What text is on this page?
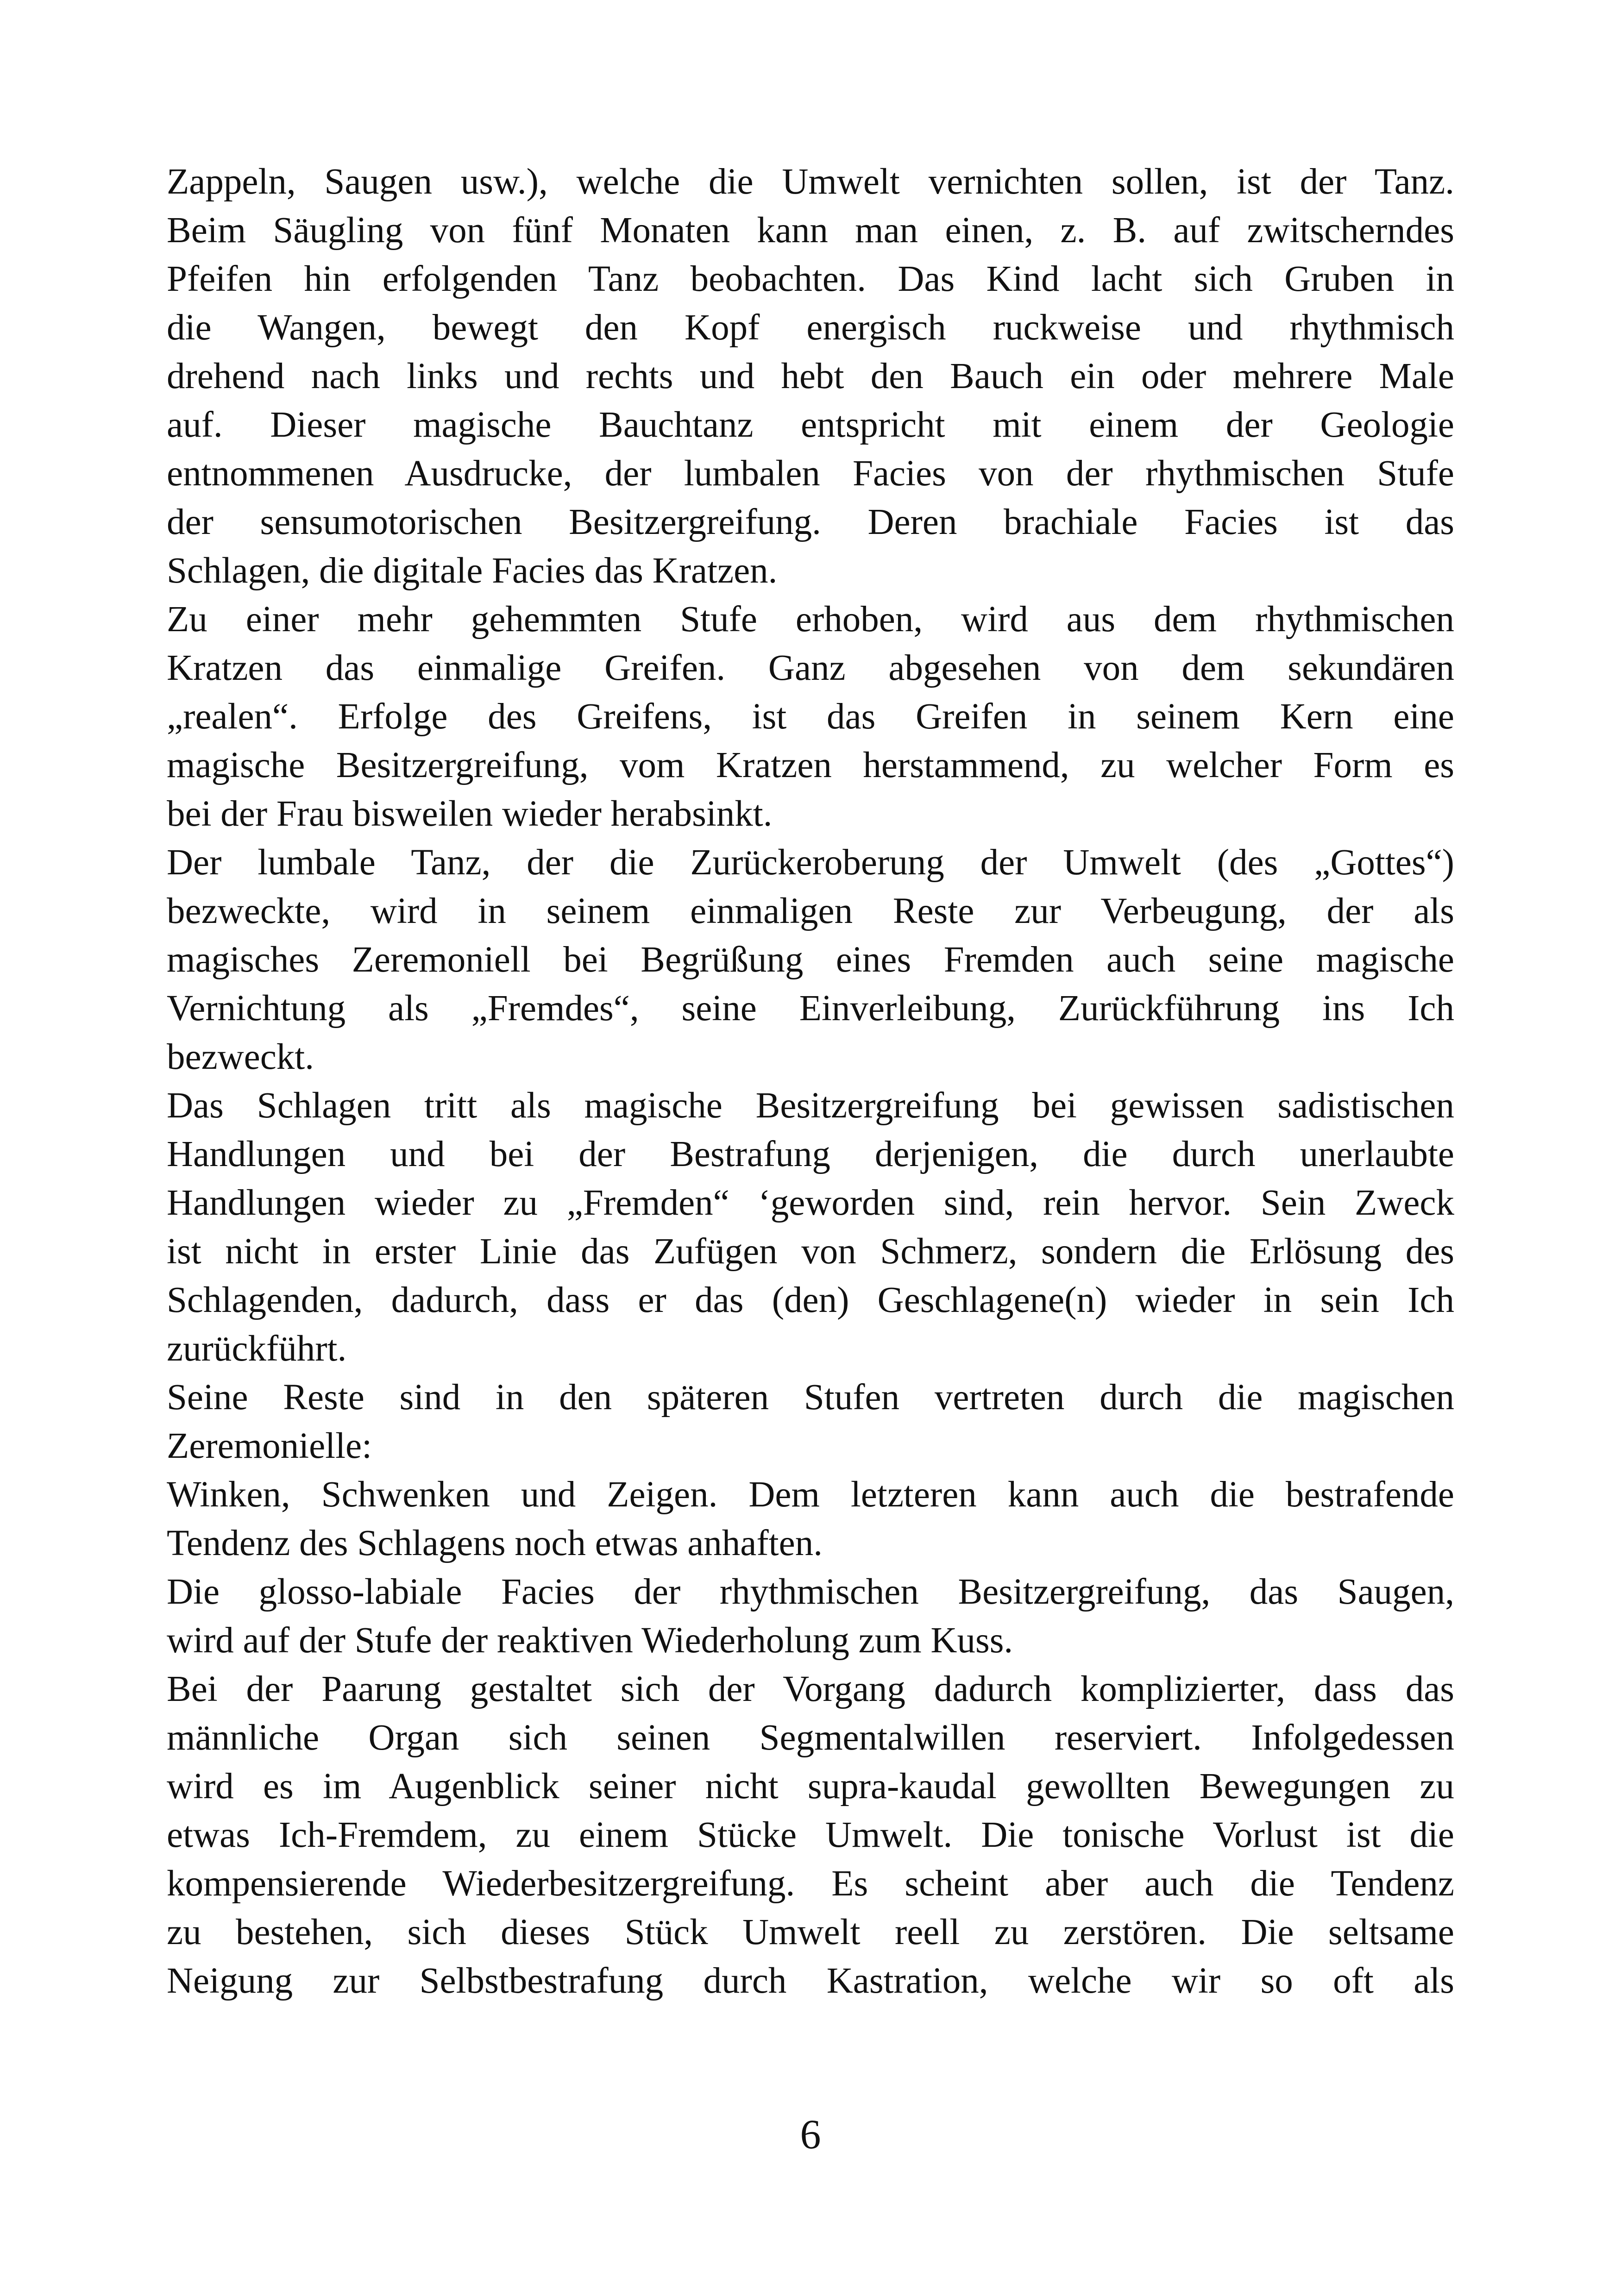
Zappeln, Saugen usw.), welche die Umwelt vernichten sollen, ist der Tanz.
Beim Säugling von fünf Monaten kann man einen, z. B. auf zwitscherndes
Pfeifen hin erfolgenden Tanz beobachten. Das Kind lacht sich Gruben in
die Wangen, bewegt den Kopf energisch ruckweise und rhythmisch
drehend nach links und rechts und hebt den Bauch ein oder mehrere Male
auf. Dieser magische Bauchtanz entspricht mit einem der Geologie
entnommenen Ausdrucke, der lumbalen Facies von der rhythmischen Stufe
der sensumotorischen Besitzergreifung. Deren brachiale Facies ist das
Schlagen, die digitale Facies das Kratzen.
Zu einer mehr gehemmten Stufe erhoben, wird aus dem rhythmischen
Kratzen das einmalige Greifen. Ganz abgesehen von dem sekundären
„realen“. Erfolge des Greifens, ist das Greifen in seinem Kern eine
magische Besitzergreifung, vom Kratzen herstammend, zu welcher Form es
bei der Frau bisweilen wieder herabsinkt.
Der lumbale Tanz, der die Zurückeroberung der Umwelt (des „Gottes“)
bezweckte, wird in seinem einmaligen Reste zur Verbeugung, der als
magisches Zeremoniell bei Begrüßung eines Fremden auch seine magische
Vernichtung als „Fremdes“, seine Einverleibung, Zurückführung ins Ich
bezweckt.
Das Schlagen tritt als magische Besitzergreifung bei gewissen sadistischen
Handlungen und bei der Bestrafung derjenigen, die durch unerlaubte
Handlungen wieder zu „Fremden“ ‘geworden sind, rein hervor. Sein Zweck
ist nicht in erster Linie das Zufügen von Schmerz, sondern die Erlösung des
Schlagenden, dadurch, dass er das (den) Geschlagene(n) wieder in sein Ich
zurückführt.
Seine Reste sind in den späteren Stufen vertreten durch die magischen
Zeremonielle:
Winken, Schwenken und Zeigen. Dem letzteren kann auch die bestrafende
Tendenz des Schlagens noch etwas anhaften.
Die glosso-labiale Facies der rhythmischen Besitzergreifung, das Saugen,
wird auf der Stufe der reaktiven Wiederholung zum Kuss.
Bei der Paarung gestaltet sich der Vorgang dadurch komplizierter, dass das
männliche Organ sich seinen Segmentalwillen reserviert. Infolgedessen
wird es im Augenblick seiner nicht supra-kaudal gewollten Bewegungen zu
etwas Ich-Fremdem, zu einem Stücke Umwelt. Die tonische Vorlust ist die
kompensierende Wiederbesitzergreifung. Es scheint aber auch die Tendenz
zu bestehen, sich dieses Stück Umwelt reell zu zerstören. Die seltsame
Neigung zur Selbstbestrafung durch Kastration, welche wir so oft als
6
